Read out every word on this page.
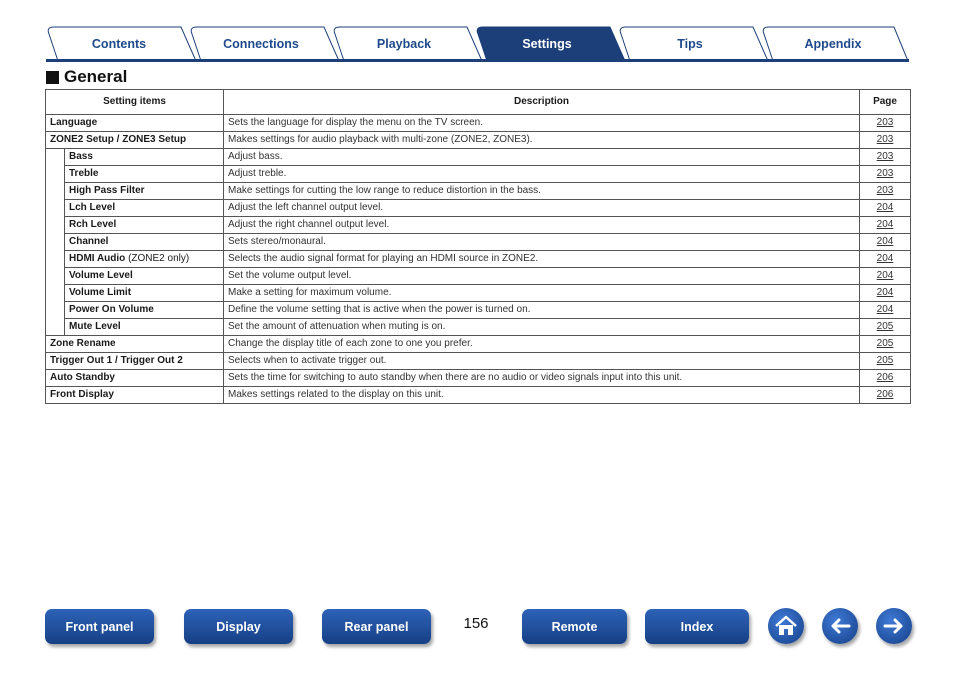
Contents	Connections	Playback	Settings	Tips	Appendix
General
Setting items		Description	Page
Language		Sets the language for display the menu on the TV screen.	203
ZONE2 Setup / ZONE3 Setup		Makes settings for audio playback with multi-zone (ZONE2, ZONE3).	203
	Bass	Adjust bass.	203
	Treble	Adjust treble.	203
	High Pass Filter	Make settings for cutting the low range to reduce distortion in the bass.	203
	Lch Level	Adjust the left channel output level.	204
	Rch Level	Adjust the right channel output level.	204
	Channel	Sets stereo/monaural.	204
	HDMI Audio (ZONE2 only)	Selects the audio signal format for playing an HDMI source in ZONE2.	204
	Volume Level	Set the volume output level.	204
	Volume Limit	Make a setting for maximum volume.	204
	Power On Volume	Define the volume setting that is active when the power is turned on.	204
	Mute Level	Set the amount of attenuation when muting is on.	205
Zone Rename		Change the display title of each zone to one you prefer.	205
Trigger Out 1 / Trigger Out 2		Selects when to activate trigger out.	205
Auto Standby		Sets the time for switching to auto standby when there are no audio or video signals input into this unit.	206
Front Display		Makes settings related to the display on this unit.	206
Front panel	Display	Rear panel	156	Remote	Index
